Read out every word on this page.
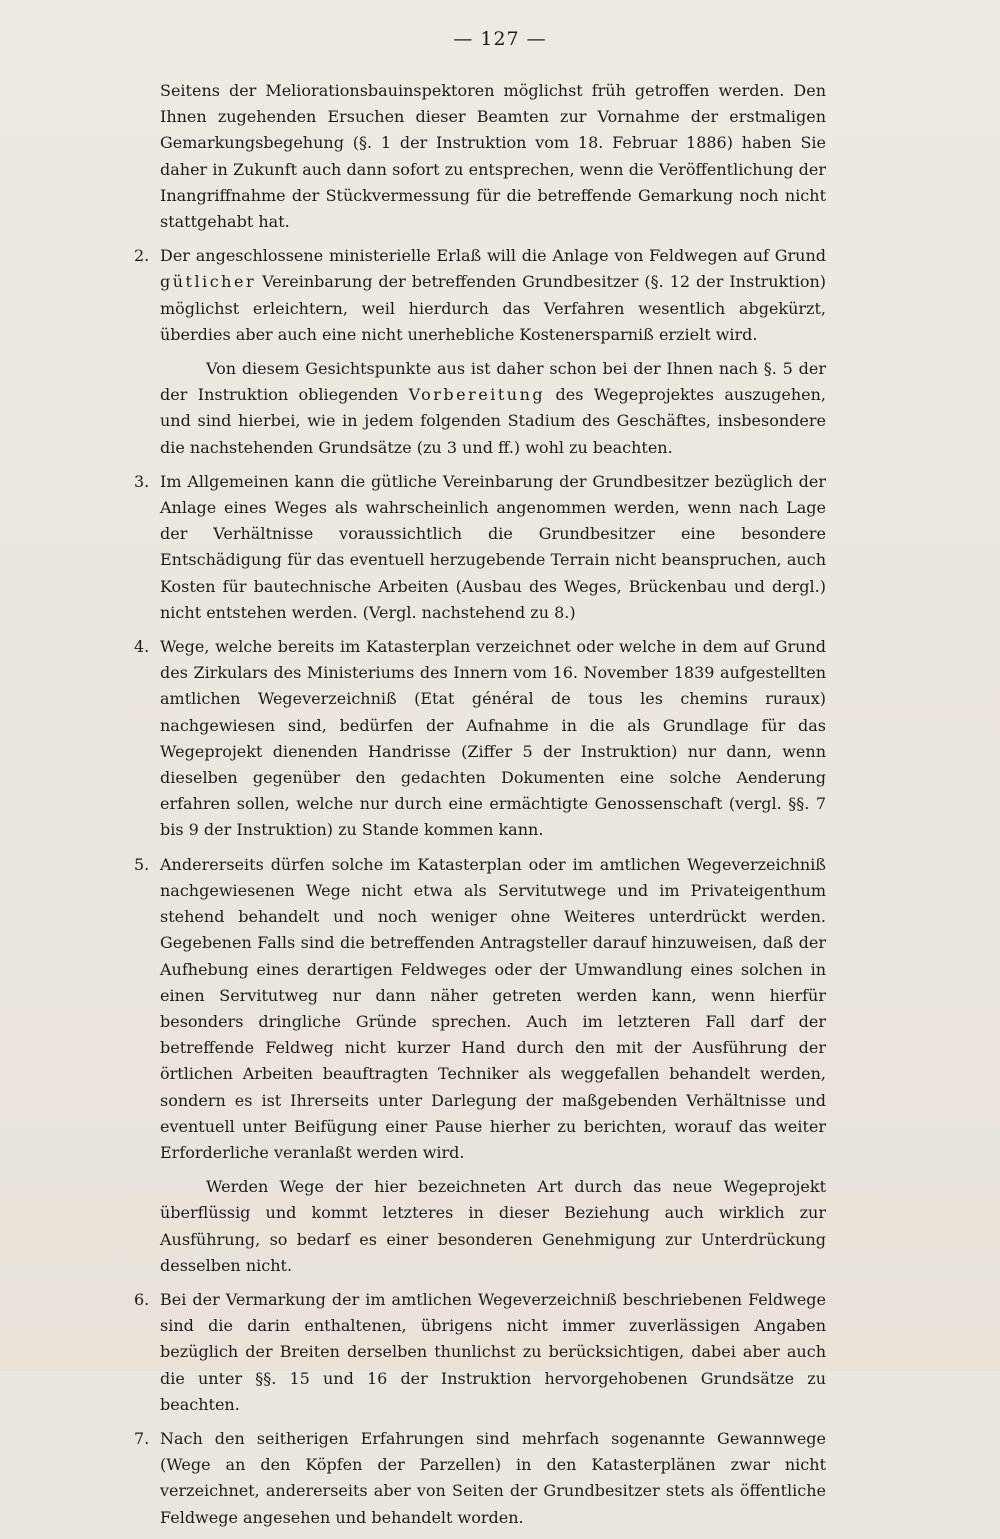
— 127 —
Seitens der Meliorationsbauinspektoren möglichst früh getroffen werden. Den Ihnen zugehenden Ersuchen dieser Beamten zur Vornahme der erstmaligen Gemarkungsbegehung (§. 1 der Instruktion vom 18. Februar 1886) haben Sie daher in Zukunft auch dann sofort zu entsprechen, wenn die Veröffentlichung der Inangriffnahme der Stückvermessung für die betreffende Gemarkung noch nicht stattgehabt hat.
2. Der angeschlossene ministerielle Erlaß will die Anlage von Feldwegen auf Grund gütlicher Vereinbarung der betreffenden Grundbesitzer (§. 12 der Instruktion) möglichst erleichtern, weil hierdurch das Verfahren wesentlich abgekürzt, überdies aber auch eine nicht unerhebliche Kostenersparniß erzielt wird.
Von diesem Gesichtspunkte aus ist daher schon bei der Ihnen nach §. 5 der der Instruktion obliegenden Vorbereitung des Wegeprojektes auszugehen, und sind hierbei, wie in jedem folgenden Stadium des Geschäftes, insbesondere die nachstehenden Grundsätze (zu 3 und ff.) wohl zu beachten.
3. Im Allgemeinen kann die gütliche Vereinbarung der Grundbesitzer bezüglich der Anlage eines Weges als wahrscheinlich angenommen werden, wenn nach Lage der Verhältnisse voraussichtlich die Grundbesitzer eine besondere Entschädigung für das eventuell herzugebende Terrain nicht beanspruchen, auch Kosten für bautechnische Arbeiten (Ausbau des Weges, Brückenbau und dergl.) nicht entstehen werden. (Vergl. nachstehend zu 8.)
4. Wege, welche bereits im Katasterplan verzeichnet oder welche in dem auf Grund des Zirkulars des Ministeriums des Innern vom 16. November 1839 aufgestellten amtlichen Wegeverzeichniß (Etat général de tous les chemins ruraux) nachgewiesen sind, bedürfen der Aufnahme in die als Grundlage für das Wegeprojekt dienenden Handrisse (Ziffer 5 der Instruktion) nur dann, wenn dieselben gegenüber den gedachten Dokumenten eine solche Aenderung erfahren sollen, welche nur durch eine ermächtigte Genossenschaft (vergl. §§. 7 bis 9 der Instruktion) zu Stande kommen kann.
5. Andererseits dürfen solche im Katasterplan oder im amtlichen Wegeverzeichniß nachgewiesenen Wege nicht etwa als Servitutwege und im Privateigenthum stehend behandelt und noch weniger ohne Weiteres unterdrückt werden. Gegebenen Falls sind die betreffenden Antragsteller darauf hinzuweisen, daß der Aufhebung eines derartigen Feldweges oder der Umwandlung eines solchen in einen Servitutweg nur dann näher getreten werden kann, wenn hierfür besonders dringliche Gründe sprechen. Auch im letzteren Fall darf der betreffende Feldweg nicht kurzer Hand durch den mit der Ausführung der örtlichen Arbeiten beauftragten Techniker als weggefallen behandelt werden, sondern es ist Ihrerseits unter Darlegung der maßgebenden Verhältnisse und eventuell unter Beifügung einer Pause hierher zu berichten, worauf das weiter Erforderliche veranlaßt werden wird.
Werden Wege der hier bezeichneten Art durch das neue Wegeprojekt überflüssig und kommt letzteres in dieser Beziehung auch wirklich zur Ausführung, so bedarf es einer besonderen Genehmigung zur Unterdrückung desselben nicht.
6. Bei der Vermarkung der im amtlichen Wegeverzeichniß beschriebenen Feldwege sind die darin enthaltenen, übrigens nicht immer zuverlässigen Angaben bezüglich der Breiten derselben thunlichst zu berücksichtigen, dabei aber auch die unter §§. 15 und 16 der Instruktion hervorgehobenen Grundsätze zu beachten.
7. Nach den seitherigen Erfahrungen sind mehrfach sogenannte Gewannwege (Wege an den Köpfen der Parzellen) in den Katasterplänen zwar nicht verzeichnet, andererseits aber von Seiten der Grundbesitzer stets als öffentliche Feldwege angesehen und behandelt worden.
